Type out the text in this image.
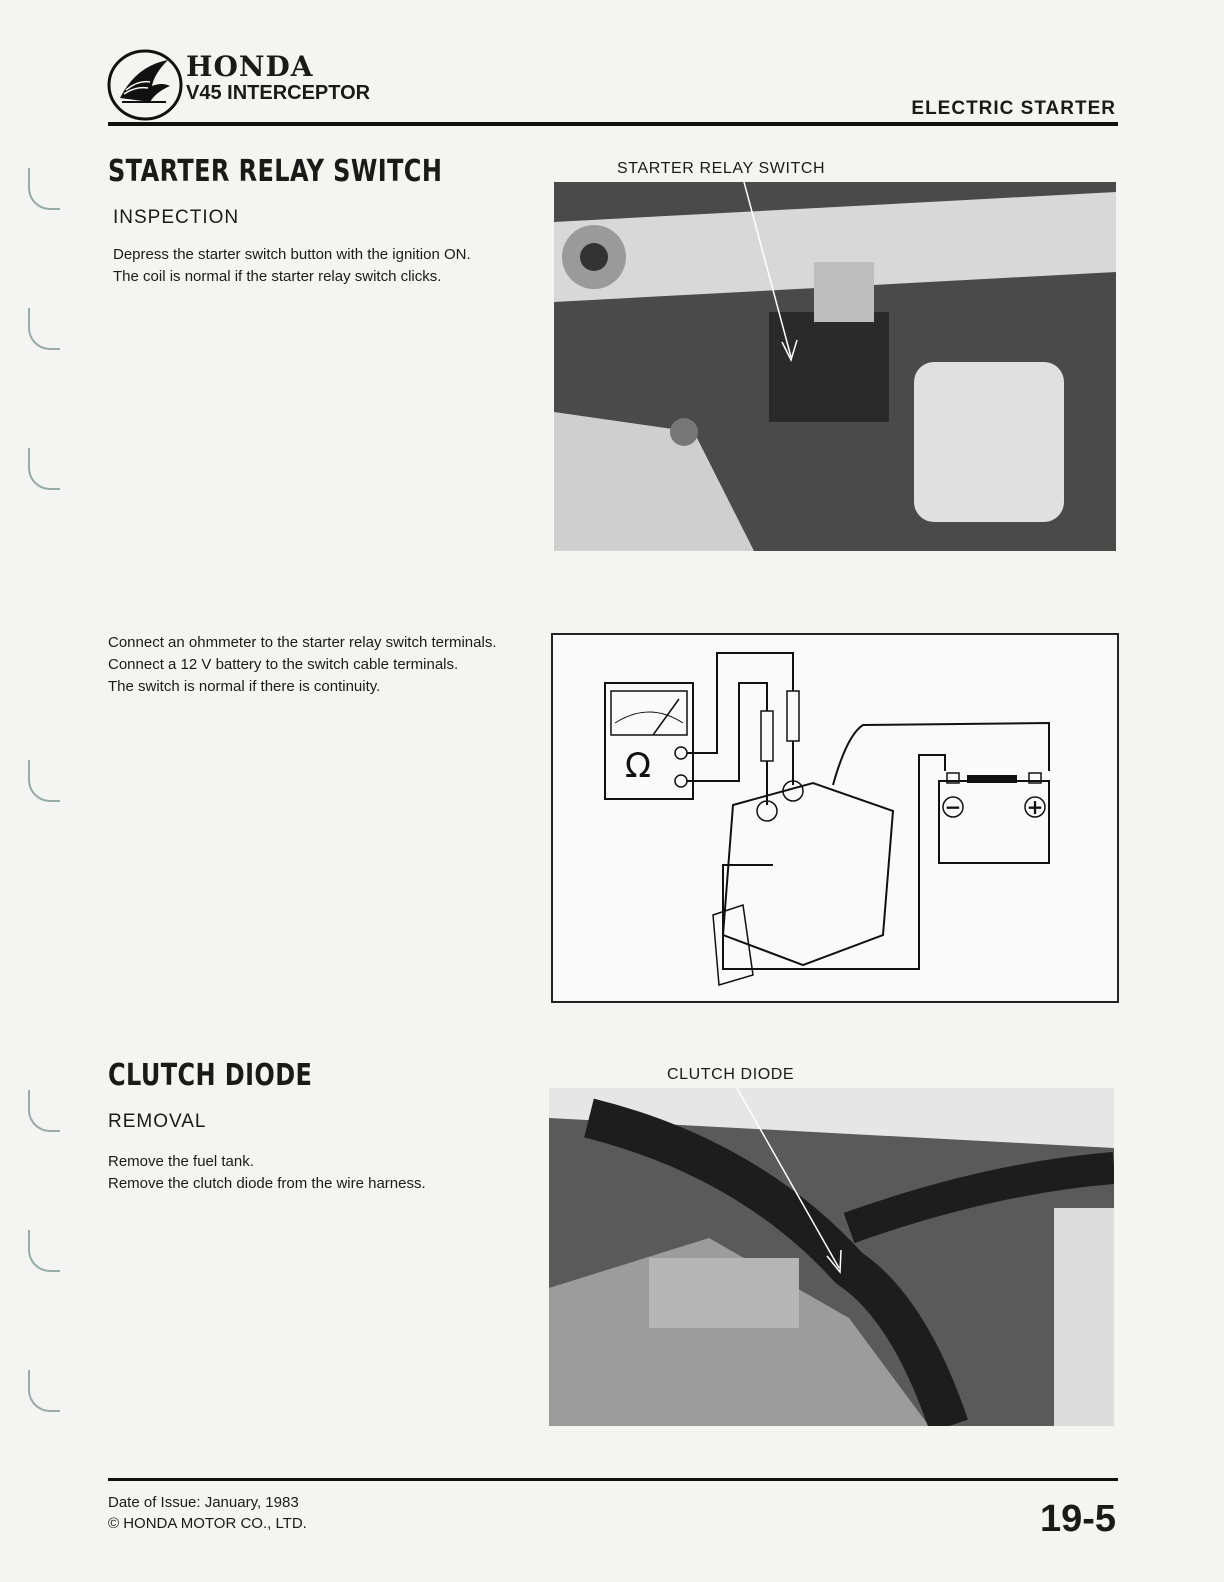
HONDA
V45 INTERCEPTOR
ELECTRIC STARTER
STARTER RELAY SWITCH
INSPECTION

Depress the starter switch button with the ignition ON.

The coil is normal if the starter relay switch clicks.

STARTER RELAY SWITCH

Connect an ohmmeter to the starter relay switch terminals.

Connect a 12 V battery to the switch cable terminals.

The switch is normal if there is continuity.

Ω
−	+
CLUTCH DIODE
REMOVAL

Remove the fuel tank.

Remove the clutch diode from the wire harness.

CLUTCH DIODE
Date of Issue: January, 1983
© HONDA MOTOR CO., LTD.	19-5
